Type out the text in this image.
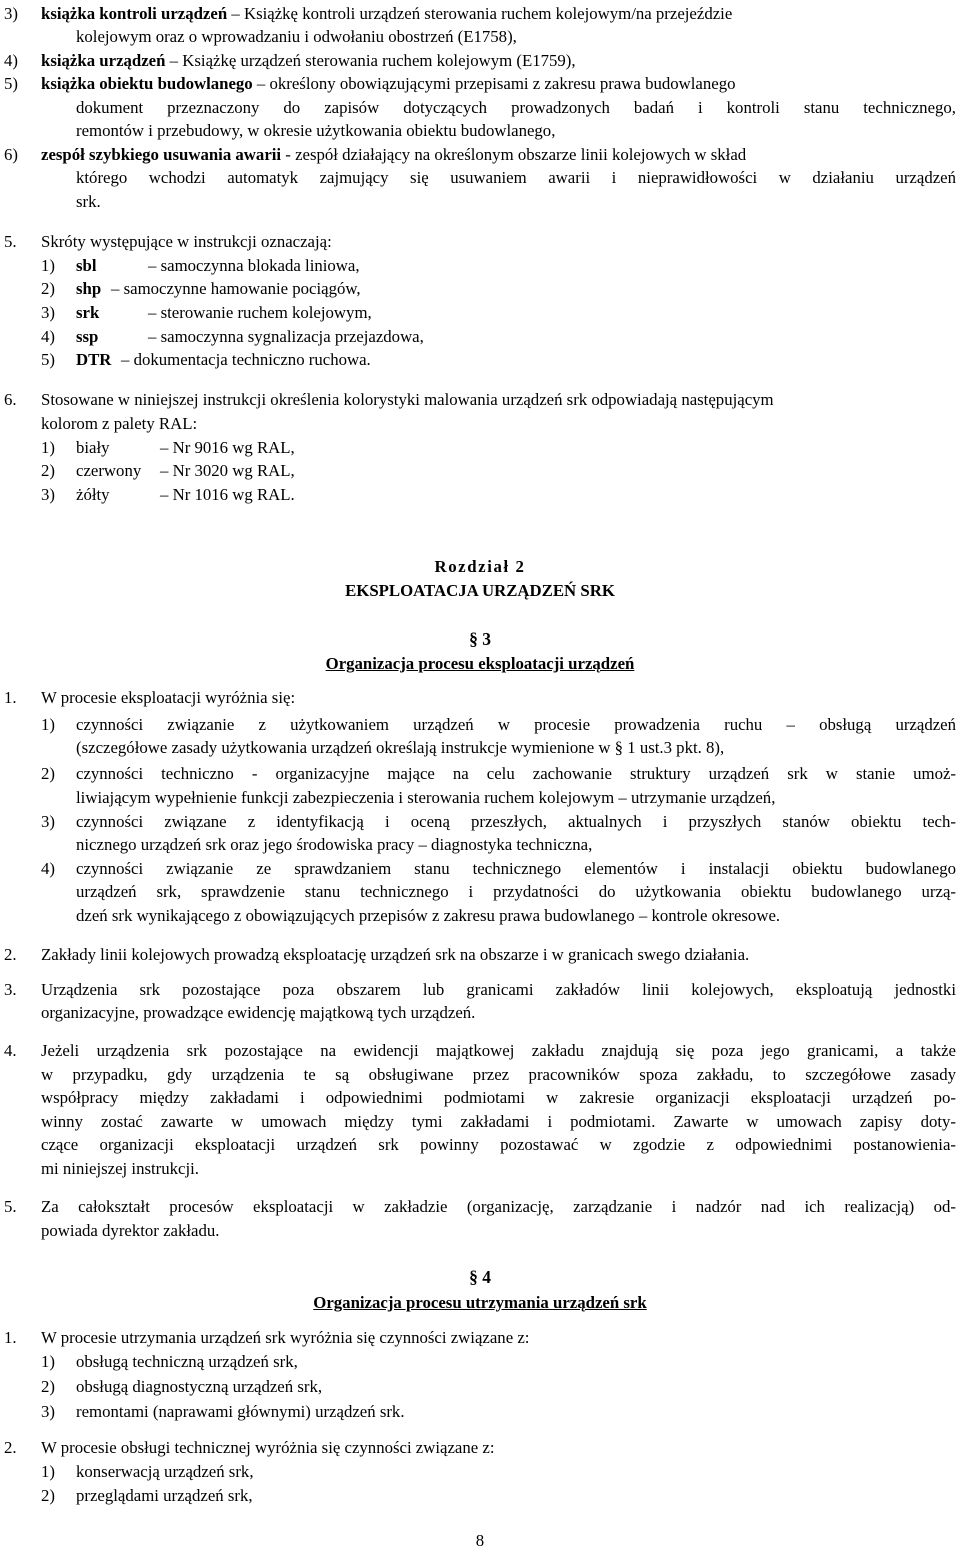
3) książka kontroli urządzeń – Książkę kontroli urządzeń sterowania ruchem kolejowym/na przejeździe
kolejowym oraz o wprowadzaniu i odwołaniu obostrzeń (E1758),
4) książka urządzeń – Książkę urządzeń sterowania ruchem kolejowym (E1759),
5) książka obiektu budowlanego – określony obowiązującymi przepisami z zakresu prawa budowlanego
dokument przeznaczony do zapisów dotyczących prowadzonych badań i kontroli stanu technicznego,
remontów i przebudowy, w okresie użytkowania obiektu budowlanego,
6) zespół szybkiego usuwania awarii - zespół działający na określonym obszarze linii kolejowych w skład
którego wchodzi automatyk zajmujący się usuwaniem awarii i nieprawidłowości w działaniu urządzeń
srk.
5. Skróty występujące w instrukcji oznaczają:
1) sbl	– samoczynna blokada liniowa,
2) shp – samoczynne hamowanie pociągów,
3) srk	– sterowanie ruchem kolejowym,
4) ssp	– samoczynna sygnalizacja przejazdowa,
5) DTR – dokumentacja techniczno ruchowa.
6. Stosowane w niniejszej instrukcji określenia kolorystyki malowania urządzeń srk odpowiadają następującym
kolorom z palety RAL:
1) biały	– Nr 9016 wg RAL,
2) czerwony – Nr 3020 wg RAL,
3) żółty	– Nr 1016 wg RAL.
Rozdział 2
EKSPLOATACJA URZĄDZEŃ SRK
§ 3
Organizacja procesu eksploatacji urządzeń
1. W procesie eksploatacji wyróżnia się:
1) czynności związanie z użytkowaniem urządzeń w procesie prowadzenia ruchu – obsługą urządzeń
(szczegółowe zasady użytkowania urządzeń określają instrukcje wymienione w § 1 ust.3 pkt. 8),
2) czynności techniczno - organizacyjne mające na celu zachowanie struktury urządzeń srk w stanie umoż-
liwiającym wypełnienie funkcji zabezpieczenia i sterowania ruchem kolejowym – utrzymanie urządzeń,
3) czynności związane z identyfikacją i oceną przeszłych, aktualnych i przyszłych stanów obiektu tech-
nicznego urządzeń srk oraz jego środowiska pracy – diagnostyka techniczna,
4) czynności związanie ze sprawdzaniem stanu technicznego elementów i instalacji obiektu budowlanego
urządzeń srk, sprawdzenie stanu technicznego i przydatności do użytkowania obiektu budowlanego urzą-
dzeń srk wynikającego z obowiązujących przepisów z zakresu prawa budowlanego – kontrole okresowe.
2. Zakłady linii kolejowych prowadzą eksploatację urządzeń srk na obszarze i w granicach swego działania.
3. Urządzenia srk pozostające poza obszarem lub granicami zakładów linii kolejowych, eksploatują jednostki
organizacyjne, prowadzące ewidencję majątkową tych urządzeń.
4. Jeżeli urządzenia srk pozostające na ewidencji majątkowej zakładu znajdują się poza jego granicami, a także
w przypadku, gdy urządzenia te są obsługiwane przez pracowników spoza zakładu, to szczegółowe zasady
współpracy między zakładami i odpowiednimi podmiotami w zakresie organizacji eksploatacji urządzeń po-
winny zostać zawarte w umowach między tymi zakładami i podmiotami. Zawarte w umowach zapisy doty-
czące organizacji eksploatacji urządzeń srk powinny pozostawać w zgodzie z odpowiednimi postanowienia-
mi niniejszej instrukcji.
5. Za całokształt procesów eksploatacji w zakładzie (organizację, zarządzanie i nadzór nad ich realizacją) od-
powiada dyrektor zakładu.
§ 4
Organizacja procesu utrzymania urządzeń srk
1. W procesie utrzymania urządzeń srk wyróżnia się czynności związane z:
1) obsługą techniczną urządzeń srk,
2) obsługą diagnostyczną urządzeń srk,
3) remontami (naprawami głównymi) urządzeń srk.
2. W procesie obsługi technicznej wyróżnia się czynności związane z:
1) konserwacją urządzeń srk,
2) przeglądami urządzeń srk,
8
